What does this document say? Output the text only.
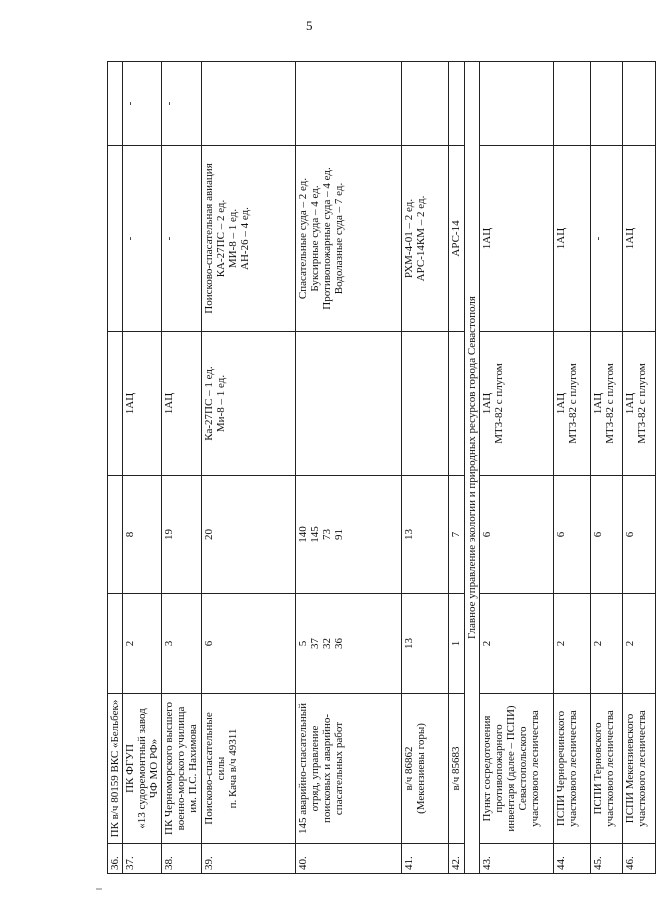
5
36.	ПК в/ч 80159 ВКС «Бельбек»					
37.	ПК ФГУП
«13 судоремонтный завод
ЧФ МО РФ»	2	8	1АЦ	-	-
38.	ПК Черноморского высшего
военно-морского училища
им. П.С. Нахимова	3	19	1АЦ	-	-
39.	Поисково-спасательные
силы
п. Кача в/ч 49311	6	20	Ка-27ПС – 1 ед.
Ми-8 – 1 ед.	Поисково-спасательная авиация
КА-27ПС – 2 ед.
МИ-8 – 1 ед.
АН-26 – 4 ед.	
40.	145 аварийно-спасательный
отряд, управление
поисковых и аварийно-
спасательных работ	5
37
32
36	140
145
73
91		Спасательные суда – 2 ед.
Буксирные суда – 4 ед.
Противопожарные суда – 4 ед.
Водолазные суда – 7 ед.	
41.	в/ч 86862
(Мекензиевы горы)	13	13		РХМ-4-01 – 2 ед.
АРС-14КМ – 2 ед.	
42.	в/ч 85683	1	7		АРС-14	
Главное управление экологии и природных ресурсов города Севастополя						
43.	Пункт сосредоточения
противопожарного
инвентаря (далее – ПСПИ)
Севастопольского
участкового лесничества	2	6	1АЦ
МТЗ-82 с плугом	1АЦ	
44.	ПСПИ Черноречинского
участкового лесничества	2	6	1АЦ
МТЗ-82 с плугом	1АЦ	
45.	ПСПИ Терновского
участкового лесничества	2	6	1АЦ
МТЗ-82 с плугом	-	
46.	ПСПИ Мекензиевского
участкового лесничества	2	6	1АЦ
МТЗ-82 с плугом	1АЦ	
